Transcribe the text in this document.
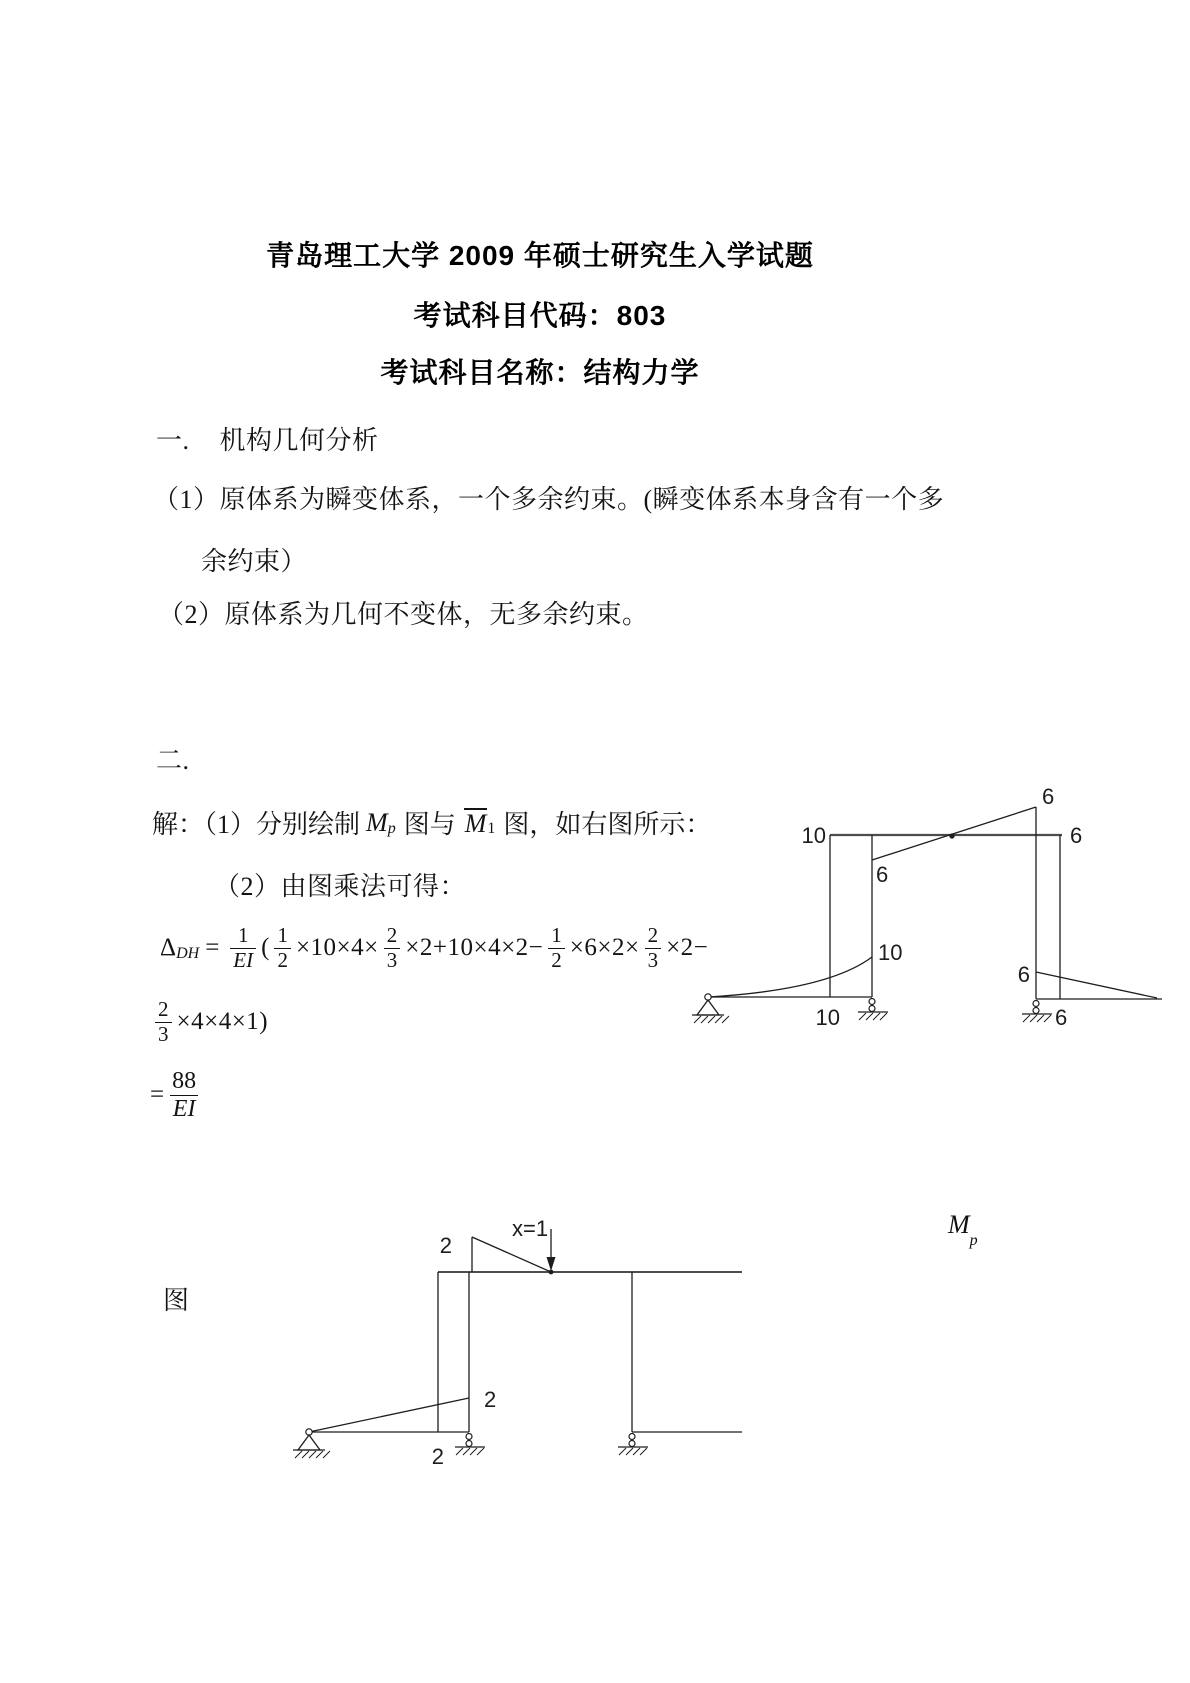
青岛理工大学 2009 年硕士研究生入学试题
考试科目代码：803
考试科目名称：结构力学
一. 机构几何分析
（1）原体系为瞬变体系，一个多余约束。(瞬变体系本身含有一个多
余约束）
（2）原体系为几何不变体，无多余约束。
二.
解：（1）分别绘制 $M_p$ 图与 $M_1$ 图，如右图所示：
（2）由图乘法可得：
$\Delta_{DH} = \frac{1}{EI}$ ( $\frac{1}{2} \times 10\times 4\times \frac{2}{3} \times 2+10\times 4\times 2- \frac{1}{2} \times 6\times 2\times \frac{2}{3} \times 2-$
$\frac{2}{3} \times 4\times 4\times 1$)
= $\frac{88}{EI}$
图
$M_p$
10
6
6
6
10
10
6
6
2
x=1
2
2
